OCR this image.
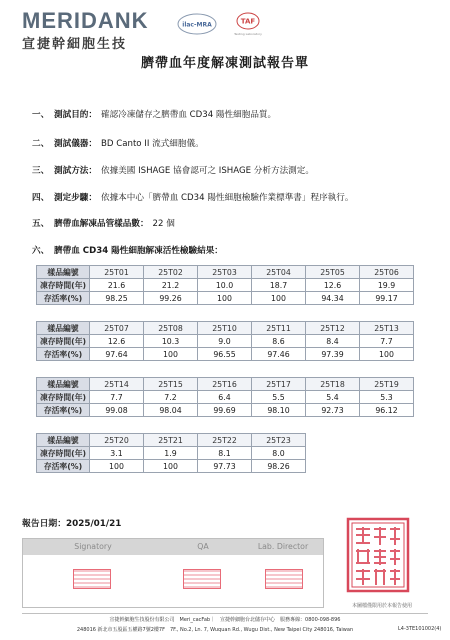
MERIDANK
宣捷幹細胞生技
ilac-MRA	TAF
Testing Laboratory
臍帶血年度解凍測試報告單
一、 測試目的： 確認冷凍儲存之臍帶血 CD34 陽性細胞品質。
二、 測試儀器： BD Canto II 流式細胞儀。
三、 測試方法： 依據美國 ISHAGE 協會認可之 ISHAGE 分析方法測定。
四、 測定步驟： 依據本中心「臍帶血 CD34 陽性細胞檢驗作業標準書」程序執行。
五、 臍帶血解凍品管樣品數： 22 個
六、 臍帶血 CD34 陽性細胞解凍活性檢驗結果：
樣品編號	25T01	25T02	25T03	25T04	25T05	25T06
凍存時間(年)	21.6	21.2	10.0	18.7	12.6	19.9
存活率(%)	98.25	99.26	100	100	94.34	99.17
樣品編號	25T07	25T08	25T10	25T11	25T12	25T13
凍存時間(年)	12.6	10.3	9.0	8.6	8.4	7.7
存活率(%)	97.64	100	96.55	97.46	97.39	100
樣品編號	25T14	25T15	25T16	25T17	25T18	25T19
凍存時間(年)	7.7	7.2	6.4	5.5	5.4	5.3
存活率(%)	99.08	98.04	99.69	98.10	92.73	96.12
樣品編號	25T20	25T21	25T22	25T23
凍存時間(年)	3.1	1.9	8.1	8.0
存活率(%)	100	100	97.73	98.26
報告日期：2025/01/21
Signatory	QA	Lab. Director
本圖檔僅限用於本報告使用
宣捷幹細胞生技股份有限公司　Meri_cacFab｜　宣捷幹細胞台北儲存中心　服務專線：0800-098-896
248016 新北市五股區五權路7號2樓7F　7F., No.2, Ln. 7, Wuquan Rd., Wugu Dist., New Taipei City 248016, Taiwan	L4-3TE101002(4)
